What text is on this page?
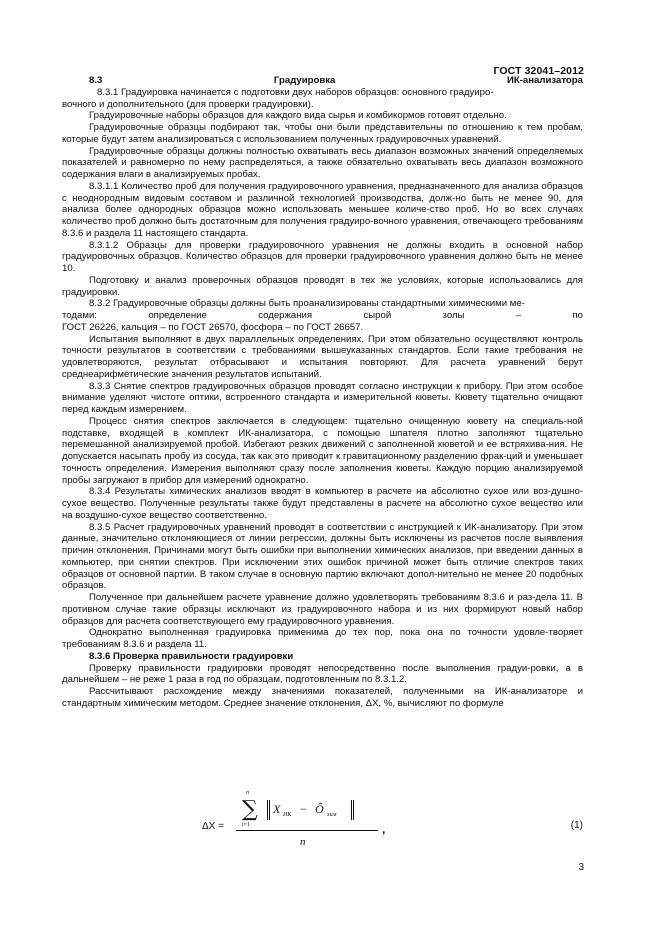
ГОСТ 32041–2012

8.3 Градуировка ИК-анализатора8.3.1 Градуировка начинается с подготовки двух наборов образцов: основного градуиро-

вочного и дополнительного (для проверки градуировки).

Градуировочные наборы образцов для каждого вида сырья и комбикормов готовят отдельно.

Градуировочные образцы подбирают так, чтобы они были представительны по отношению к тем пробам, которые будут затем анализироваться с использованием полученных градуировочных уравнений.

Градуировочные образцы должны полностью охватывать весь диапазон возможных значений определяемых показателей и равномерно по нему распределяться, а также обязательно охватывать весь диапазон возможного содержания влаги в анализируемых пробах.

8.3.1.1 Количество проб для получения градуировочного уравнения, предназначенного для анализа образцов с неоднородным видовым составом и различной технологией производства, долж-но быть не менее 90, для анализа более однородных образцов можно использовать меньшее количе-ство проб. Но во всех случаях количество проб должно быть достаточным для получения градуиро-вочного уравнения, отвечающего требованиям 8.3.6 и раздела 11 настоящего стандарта.

8.3.1.2 Образцы для проверки градуировочного уравнения не должны входить в основной набор градуировочных образцов. Количество образцов для проверки градуировочного уравнения должно быть не менее 10.

Подготовку и анализ проверочных образцов проводят в тех же условиях, которые использовались для градуировки.

8.3.2 Градуировочные образцы должны быть проанализированы стандартными химическими ме-

тодами:	определение	содержания	сырой	золы	–	по

ГОСТ 26226, кальция – по ГОСТ 26570, фосфора – по ГОСТ 26657.

Испытания выполняют в двух параллельных определениях. При этом обязательно осуществляют контроль точности результатов в соответствии с требованиями вышеуказанных стандартов. Если такие требования не удовлетворяются, результат отбрасывают и испытания повторяют. Для расчета уравнений берут среднеарифметические значения результатов испытаний.

8.3.3 Снятие спектров градуировочных образцов проводят согласно инструкции к прибору. При этом особое внимание уделяют чистоте оптики, встроенного стандарта и измерительной кюветы. Кювету тщательно очищают перед каждым измерением.

Процесс снятия спектров заключается в следующем: тщательно очищенную кювету на специаль-ной подставке, входящей в комплект ИК-анализатора, с помощью шпателя плотно заполняют тщательно перемешанной анализируемой пробой. Избегают резких движений с заполненной кюветой и ее встряхива-ния. Не допускается насыпать пробу из сосуда, так как это приводит к гравитационному разделению фрак-ций и уменьшает точность определения. Измерения выполняют сразу после заполнения кюветы. Каждую порцию анализируемой пробы загружают в прибор для измерений однократно.

8.3.4 Результаты химических анализов вводят в компьютер в расчете на абсолютно сухое или воз-душно-сухое вещество. Полученные результаты также будут представлены в расчете на абсолютно сухое вещество или на воздушно-сухое вещество соответственно.

8.3.5 Расчет градуировочных уравнений проводят в соответствии с инструкцией к ИК-анализатору. При этом данные, значительно отклоняющиеся от линии регрессии, должны быть исключены из расчетов после выявления причин отклонения. Причинами могут быть ошибки при выполнении химических анализов, при введении данных в компьютер, при снятии спектров. При исключении этих ошибок причиной может быть отличие спектров таких образцов от основной партии. В таком случае в основную партию включают допол-нительно не менее 20 подобных образцов.

Полученное при дальнейшем расчете уравнение должно удовлетворять требованиям 8.3.6 и раз-дела 11. В противном случае такие образцы исключают из градуировочного набора и из них формируют новый набор образцов для расчета соответствующего ему градуировочного уравнения.

Однократно выполненная градуировка применима до тех пор, пока она по точности удовле-творяет требованиям 8.3.6 и раздела 11.

8.3.6 Проверка правильности градуировки

Проверку правильности градуировки проводят непосредственно после выполнения градуи-ровки, а в дальнейшем – не реже 1 раза в год по образцам, подготовленным по 8.3.1.2.

Рассчитывают расхождение между значениями показателей, полученными на ИК-анализаторе и стандартным химическим методом. Среднее значение отклонения, ΔX, %, вычисляют по формуле

ΔX =
n
∑
i=1
X ИК − Ô хим
n
,	(1)
3
